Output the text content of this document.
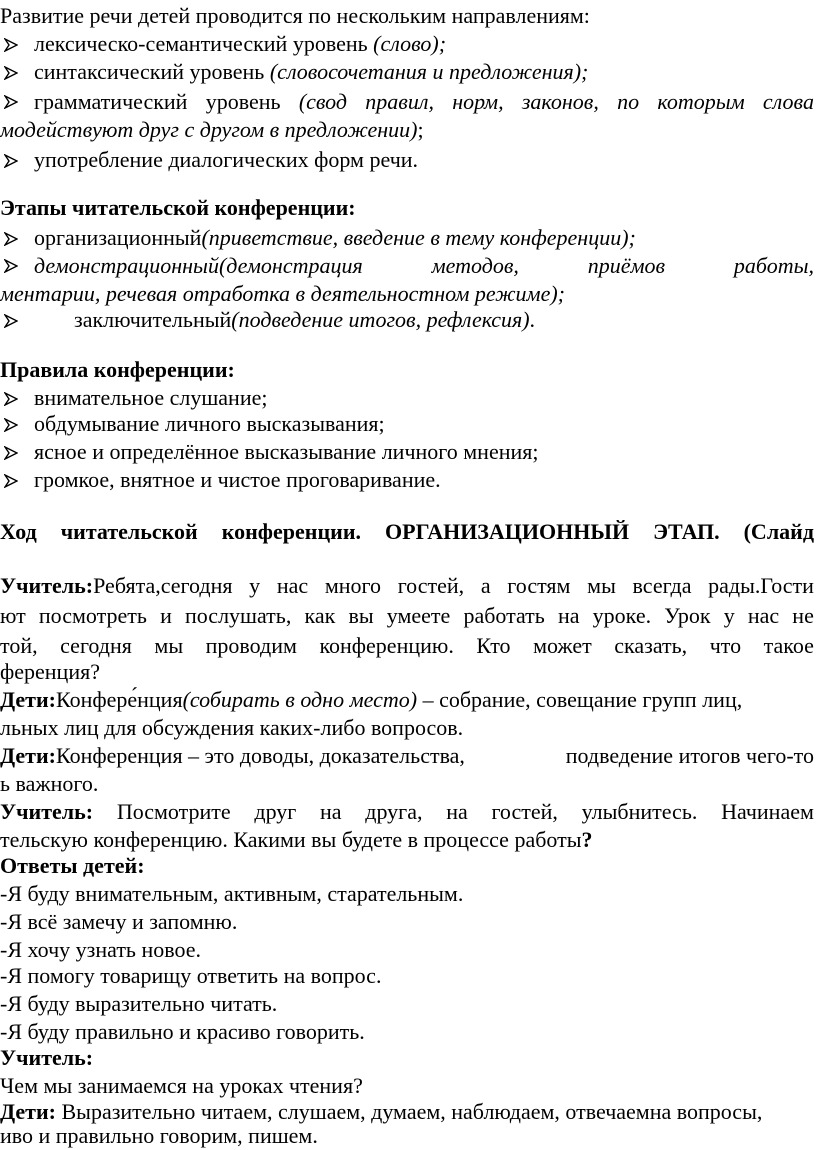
Развитие речи детей проводится по нескольким направлениям:
лексическо-семантический уровень (слово);
синтаксический уровень (словосочетания и предложения);
грамматический уровень (свод правил, норм, законов, по которым слова
модействуют друг с другом в предложении);
употребление диалогических форм речи.
Этапы читательской конференции:
организационный(приветствие, введение в тему конференции);
демонстрационный(демонстрация	методов,	приёмов	работы,
ментарии, речевая отработка в деятельностном режиме);
заключительный(подведение итогов, рефлексия).
Правила конференции:
внимательное слушание;
обдумывание личного высказывания;
ясное и определённое высказывание личного мнения;
громкое, внятное и чистое проговаривание.
Ход читательской конференции. ОРГАНИЗАЦИОННЫЙ ЭТАП. (Слайд
Учитель:Ребята,сегодня у нас много гостей, а гостям мы всегда рады.Гости
ют посмотреть и послушать, как вы умеете работать на уроке. Урок у нас не
той, сегодня мы проводим конференцию. Кто может сказать, что такое
ференция?
Дети:Конфере́нция(собирать в одно место) – собрание, совещание групп лиц,
льных лиц для обсуждения каких-либо вопросов.
Дети:Конференция – это доводы, доказательства,	подведение итогов чего-то
ь важного.
Учитель: Посмотрите друг на друга, на гостей, улыбнитесь. Начинаем
тельскую конференцию. Какими вы будете в процессе работы?
Ответы детей:
-Я буду внимательным, активным, старательным.
-Я всё замечу и запомню.
-Я хочу узнать новое.
-Я помогу товарищу ответить на вопрос.
-Я буду выразительно читать.
-Я буду правильно и красиво говорить.
Учитель:
Чем мы занимаемся на уроках чтения?
Дети: Выразительно читаем, слушаем, думаем, наблюдаем, отвечаемна вопросы,
иво и правильно говорим, пишем.
